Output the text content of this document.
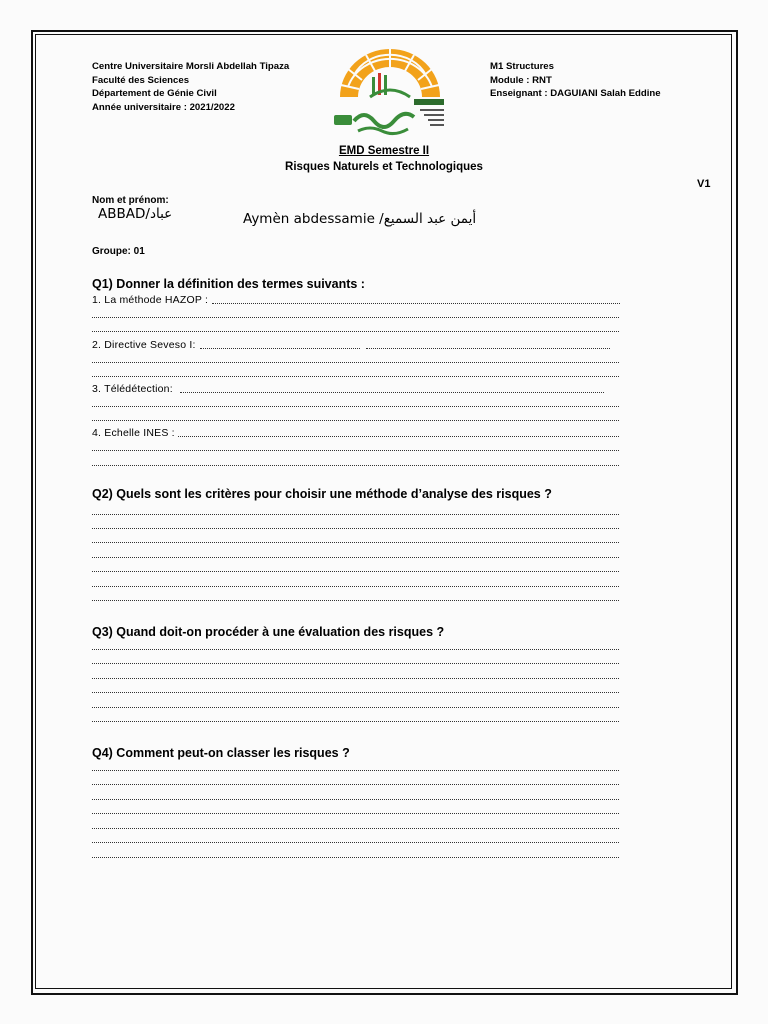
Centre Universitaire Morsli Abdellah Tipaza
Faculté des Sciences
Département de Génie Civil
Année universitaire : 2021/2022
M1 Structures
Module : RNT
Enseignant : DAGUIANI Salah Eddine
EMD Semestre II
Risques Naturels et Technologiques
V1
Nom et prénom:
ABBAD/عباد	Aymèn abdessamie /أيمن عبد السميع
Groupe: 01
Q1) Donner la définition des termes suivants :
1. La méthode HAZOP :
2. Directive Seveso I:
3. Télédétection:
4. Echelle INES :
Q2) Quels sont les critères pour choisir une méthode d’analyse des risques ?
Q3) Quand doit-on procéder à une évaluation des risques ?
Q4) Comment peut-on classer les risques ?
